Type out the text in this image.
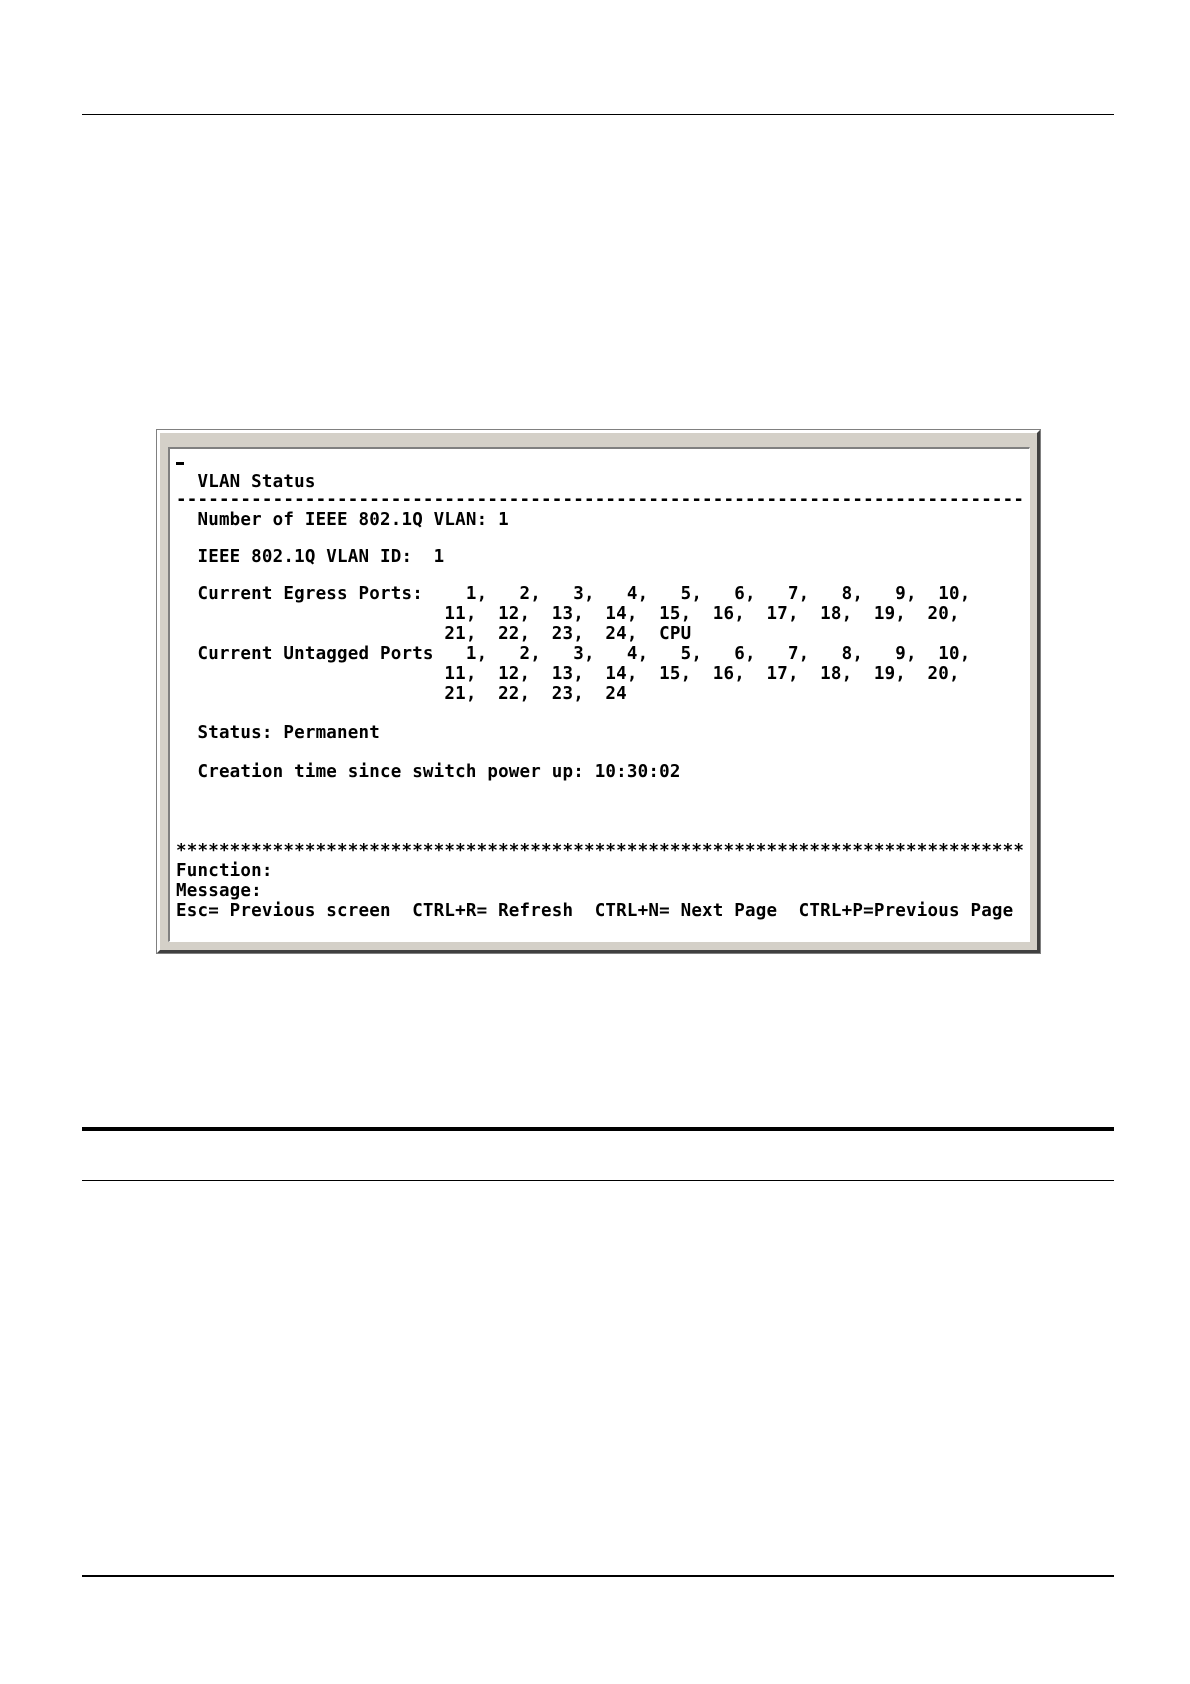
VLAN Status
-------------------------------------------------------------------------------
Number of IEEE 802.1Q VLAN: 1
IEEE 802.1Q VLAN ID:  1
Current Egress Ports:    1,   2,   3,   4,   5,   6,   7,   8,   9,  10,
11,  12,  13,  14,  15,  16,  17,  18,  19,  20,
21,  22,  23,  24,  CPU
Current Untagged Ports   1,   2,   3,   4,   5,   6,   7,   8,   9,  10,
11,  12,  13,  14,  15,  16,  17,  18,  19,  20,
21,  22,  23,  24
Status: Permanent
Creation time since switch power up: 10:30:02
*******************************************************************************
Function:
Message:
Esc= Previous screen  CTRL+R= Refresh  CTRL+N= Next Page  CTRL+P=Previous Page
